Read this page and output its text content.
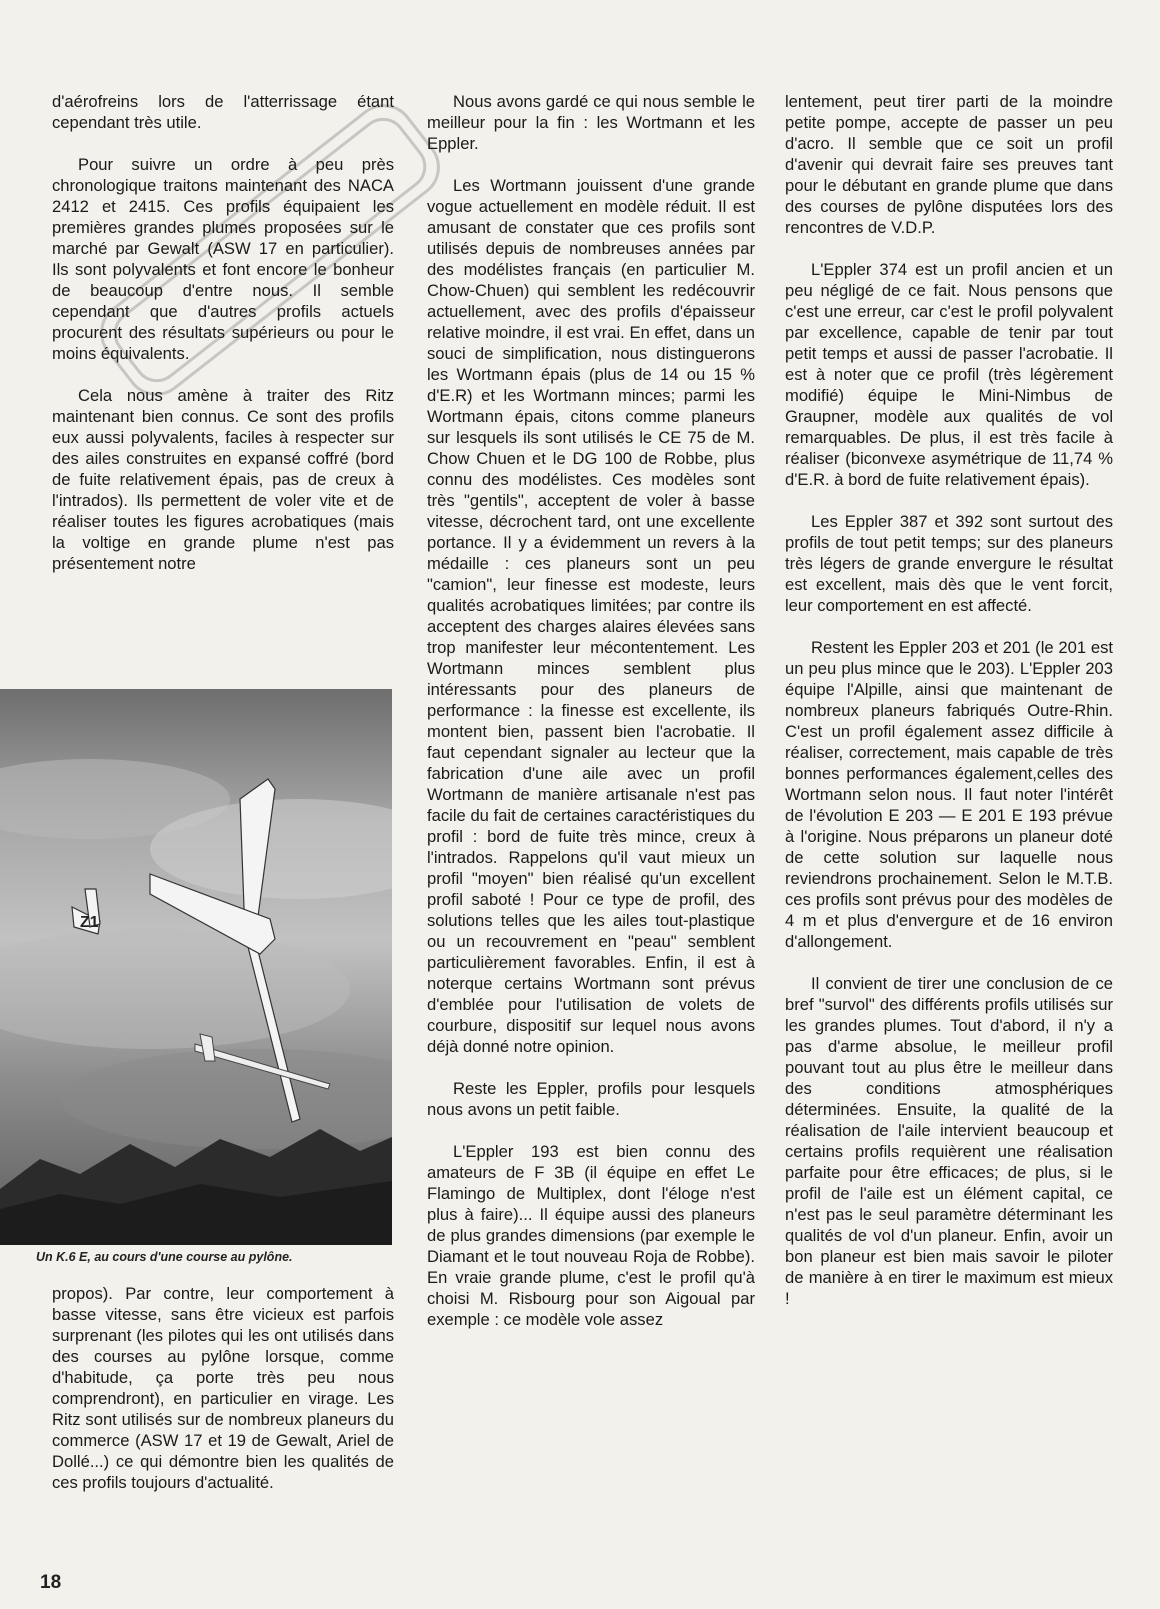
d'aérofreins lors de l'atterrissage étant cependant très utile.

Pour suivre un ordre à peu près chronologique traitons maintenant des NACA 2412 et 2415. Ces profils équipaient les premières grandes plumes proposées sur le marché par Gewalt (ASW 17 en particulier). Ils sont polyvalents et font encore le bonheur de beaucoup d'entre nous. Il semble cependant que d'autres profils actuels procurent des résultats supérieurs ou pour le moins équivalents.

Cela nous amène à traiter des Ritz maintenant bien connus. Ce sont des profils eux aussi polyvalents, faciles à respecter sur des ailes construites en expansé coffré (bord de fuite relativement épais, pas de creux à l'intrados). Ils permettent de voler vite et de réaliser toutes les figures acrobatiques (mais la voltige en grande plume n'est pas présentement notre

Z1
Un K.6 E, au cours d'une course au pylône.

propos). Par contre, leur comportement à basse vitesse, sans être vicieux est parfois surprenant (les pilotes qui les ont utilisés dans des courses au pylône lorsque, comme d'habitude, ça porte très peu nous comprendront), en particulier en virage. Les Ritz sont utilisés sur de nombreux planeurs du commerce (ASW 17 et 19 de Gewalt, Ariel de Dollé...) ce qui démontre bien les qualités de ces profils toujours d'actualité.

Nous avons gardé ce qui nous semble le meilleur pour la fin : les Wortmann et les Eppler.

Les Wortmann jouissent d'une grande vogue actuellement en modèle réduit. Il est amusant de constater que ces profils sont utilisés depuis de nombreuses années par des modélistes français (en particulier M. Chow-Chuen) qui semblent les redécouvrir actuellement, avec des profils d'épaisseur relative moindre, il est vrai. En effet, dans un souci de simplification, nous distinguerons les Wortmann épais (plus de 14 ou 15 % d'E.R) et les Wortmann minces; parmi les Wortmann épais, citons comme planeurs sur lesquels ils sont utilisés le CE 75 de M. Chow Chuen et le DG 100 de Robbe, plus connu des modélistes. Ces modèles sont très "gentils", acceptent de voler à basse vitesse, décrochent tard, ont une excellente portance. Il y a évidemment un revers à la médaille : ces planeurs sont un peu "camion", leur finesse est modeste, leurs qualités acrobatiques limitées; par contre ils acceptent des charges alaires élevées sans trop manifester leur mécontentement. Les Wortmann minces semblent plus intéressants pour des planeurs de performance : la finesse est excellente, ils montent bien, passent bien l'acrobatie. Il faut cependant signaler au lecteur que la fabrication d'une aile avec un profil Wortmann de manière artisanale n'est pas facile du fait de certaines caractéristiques du profil : bord de fuite très mince, creux à l'intrados. Rappelons qu'il vaut mieux un profil "moyen" bien réalisé qu'un excellent profil saboté ! Pour ce type de profil, des solutions telles que les ailes tout-plastique ou un recouvrement en "peau" semblent particulièrement favorables. Enfin, il est à noterque certains Wortmann sont prévus d'emblée pour l'utilisation de volets de courbure, dispositif sur lequel nous avons déjà donné notre opinion.

Reste les Eppler, profils pour lesquels nous avons un petit faible.

L'Eppler 193 est bien connu des amateurs de F 3B (il équipe en effet Le Flamingo de Multiplex, dont l'éloge n'est plus à faire)... Il équipe aussi des planeurs de plus grandes dimensions (par exemple le Diamant et le tout nouveau Roja de Robbe). En vraie grande plume, c'est le profil qu'à choisi M. Risbourg pour son Aigoual par exemple : ce modèle vole assez

lentement, peut tirer parti de la moindre petite pompe, accepte de passer un peu d'acro. Il semble que ce soit un profil d'avenir qui devrait faire ses preuves tant pour le débutant en grande plume que dans des courses de pylône disputées lors des rencontres de V.D.P.

L'Eppler 374 est un profil ancien et un peu négligé de ce fait. Nous pensons que c'est une erreur, car c'est le profil polyvalent par excellence, capable de tenir par tout petit temps et aussi de passer l'acrobatie. Il est à noter que ce profil (très légèrement modifié) équipe le Mini-Nimbus de Graupner, modèle aux qualités de vol remarquables. De plus, il est très facile à réaliser (biconvexe asymétrique de 11,74 % d'E.R. à bord de fuite relativement épais).

Les Eppler 387 et 392 sont surtout des profils de tout petit temps; sur des planeurs très légers de grande envergure le résultat est excellent, mais dès que le vent forcit, leur comportement en est affecté.

Restent les Eppler 203 et 201 (le 201 est un peu plus mince que le 203). L'Eppler 203 équipe l'Alpille, ainsi que maintenant de nombreux planeurs fabriqués Outre-Rhin. C'est un profil également assez difficile à réaliser, correctement, mais capable de très bonnes performances également,celles des Wortmann selon nous. Il faut noter l'intérêt de l'évolution E 203 — E 201 E 193 prévue à l'origine. Nous préparons un planeur doté de cette solution sur laquelle nous reviendrons prochainement. Selon le M.T.B. ces profils sont prévus pour des modèles de 4 m et plus d'envergure et de 16 environ d'allongement.

Il convient de tirer une conclusion de ce bref "survol" des différents profils utilisés sur les grandes plumes. Tout d'abord, il n'y a pas d'arme absolue, le meilleur profil pouvant tout au plus être le meilleur dans des conditions atmosphériques déterminées. Ensuite, la qualité de la réalisation de l'aile intervient beaucoup et certains profils requièrent une réalisation parfaite pour être efficaces; de plus, si le profil de l'aile est un élément capital, ce n'est pas le seul paramètre déterminant les qualités de vol d'un planeur. Enfin, avoir un bon planeur est bien mais savoir le piloter de manière à en tirer le maximum est mieux !

18
